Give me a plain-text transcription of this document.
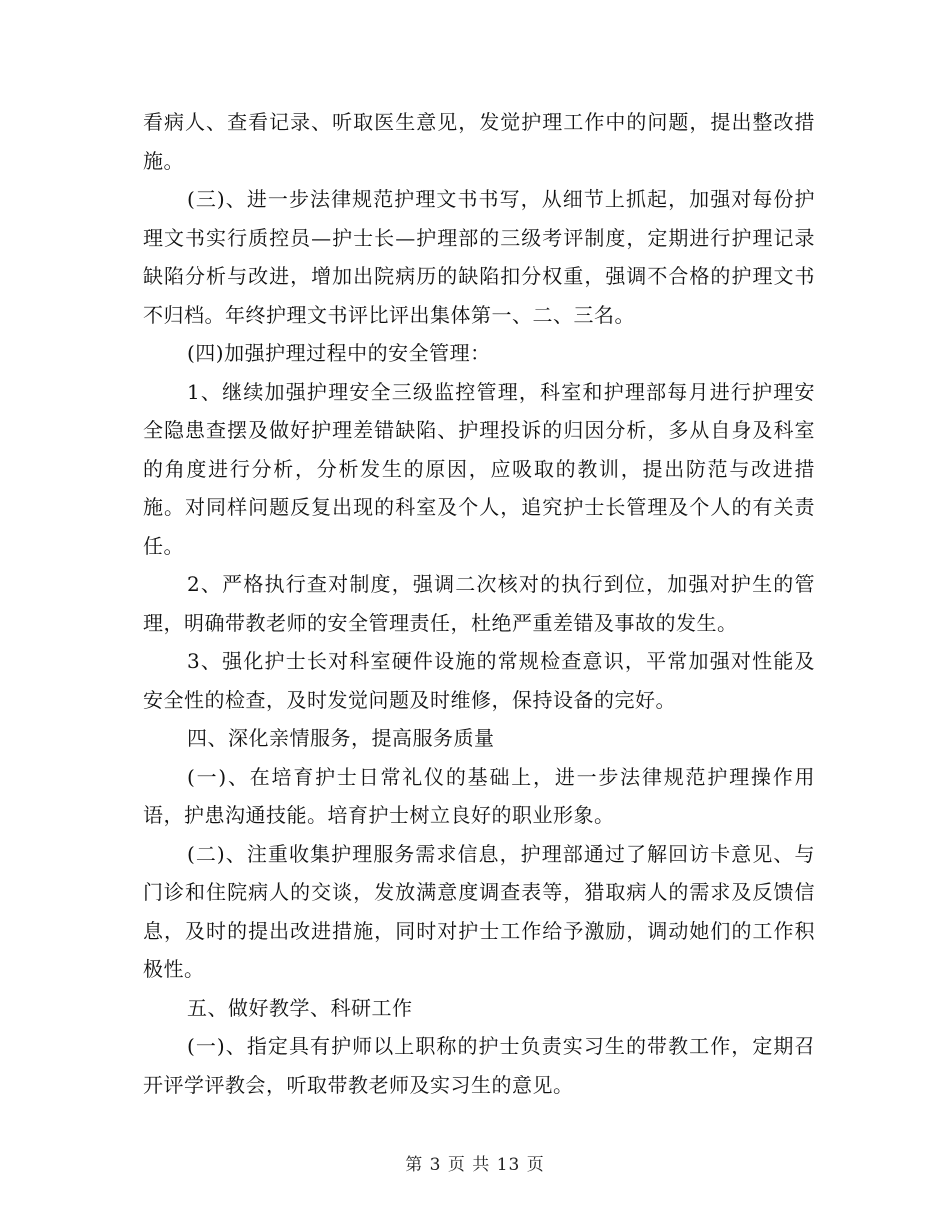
看病人、查看记录、听取医生意见，发觉护理工作中的问题，提出整改措施。

(三)、进一步法律规范护理文书书写，从细节上抓起，加强对每份护理文书实行质控员—护士长—护理部的三级考评制度，定期进行护理记录缺陷分析与改进，增加出院病历的缺陷扣分权重，强调不合格的护理文书不归档。年终护理文书评比评出集体第一、二、三名。

(四)加强护理过程中的安全管理：

1、继续加强护理安全三级监控管理，科室和护理部每月进行护理安全隐患查摆及做好护理差错缺陷、护理投诉的归因分析，多从自身及科室的角度进行分析，分析发生的原因，应吸取的教训，提出防范与改进措施。对同样问题反复出现的科室及个人，追究护士长管理及个人的有关责任。

2、严格执行查对制度，强调二次核对的执行到位，加强对护生的管理，明确带教老师的安全管理责任，杜绝严重差错及事故的发生。

3、强化护士长对科室硬件设施的常规检查意识，平常加强对性能及安全性的检查，及时发觉问题及时维修，保持设备的完好。

四、深化亲情服务，提高服务质量

(一)、在培育护士日常礼仪的基础上，进一步法律规范护理操作用语，护患沟通技能。培育护士树立良好的职业形象。

(二)、注重收集护理服务需求信息，护理部通过了解回访卡意见、与门诊和住院病人的交谈，发放满意度调查表等，猎取病人的需求及反馈信息，及时的提出改进措施，同时对护士工作给予激励，调动她们的工作积极性。

五、做好教学、科研工作

(一)、指定具有护师以上职称的护士负责实习生的带教工作，定期召开评学评教会，听取带教老师及实习生的意见。

第 3 页 共 13 页
